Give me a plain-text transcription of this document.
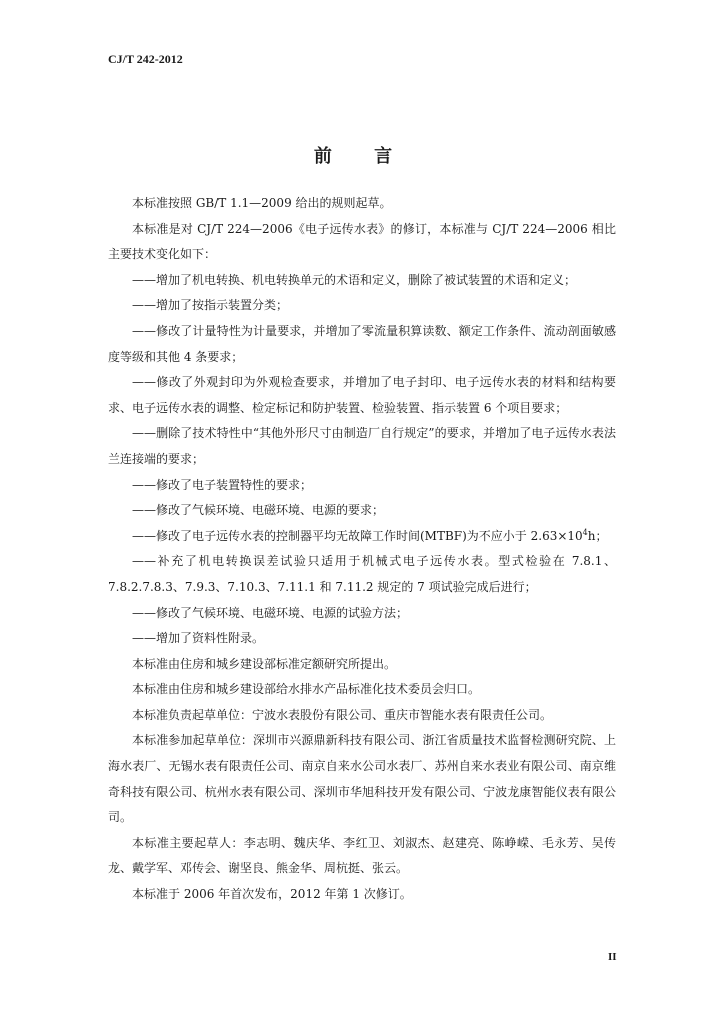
CJ/T 242-2012
前 言

本标准按照 GB/T 1.1—2009 给出的规则起草。

本标准是对 CJ/T 224—2006《电子远传水表》的修订，本标准与 CJ/T 224—2006 相比主要技术变化如下：

——增加了机电转换、机电转换单元的术语和定义，删除了被试装置的术语和定义；

——增加了按指示装置分类；

——修改了计量特性为计量要求，并增加了零流量积算读数、额定工作条件、流动剖面敏感度等级和其他 4 条要求；

——修改了外观封印为外观检查要求，并增加了电子封印、电子远传水表的材料和结构要求、电子远传水表的调整、检定标记和防护装置、检验装置、指示装置 6 个项目要求；

——删除了技术特性中“其他外形尺寸由制造厂自行规定”的要求，并增加了电子远传水表法兰连接端的要求；

——修改了电子装置特性的要求；

——修改了气候环境、电磁环境、电源的要求；

——修改了电子远传水表的控制器平均无故障工作时间(MTBF)为不应小于 $2.63\times 10^4h$；

——补充了机电转换误差试验只适用于机械式电子远传水表。型式检验在 7.8.1、7.8.2.7.8.3、7.9.3、7.10.3、7.11.1 和 7.11.2 规定的 7 项试验完成后进行；

——修改了气候环境、电磁环境、电源的试验方法；

——增加了资料性附录。

本标准由住房和城乡建设部标准定额研究所提出。

本标准由住房和城乡建设部给水排水产品标准化技术委员会归口。

本标准负责起草单位：宁波水表股份有限公司、重庆市智能水表有限责任公司。

本标准参加起草单位：深圳市兴源鼎新科技有限公司、浙江省质量技术监督检测研究院、上海水表厂、无锡水表有限责任公司、南京自来水公司水表厂、苏州自来水表业有限公司、南京维奇科技有限公司、杭州水表有限公司、深圳市华旭科技开发有限公司、宁波龙康智能仪表有限公司。

本标准主要起草人：李志明、魏庆华、李红卫、刘淑杰、赵建亮、陈峥嵘、毛永芳、吴传龙、戴学军、邓传会、谢坚良、熊金华、周杭挺、张云。

本标准于 2006 年首次发布，2012 年第 1 次修订。

II
